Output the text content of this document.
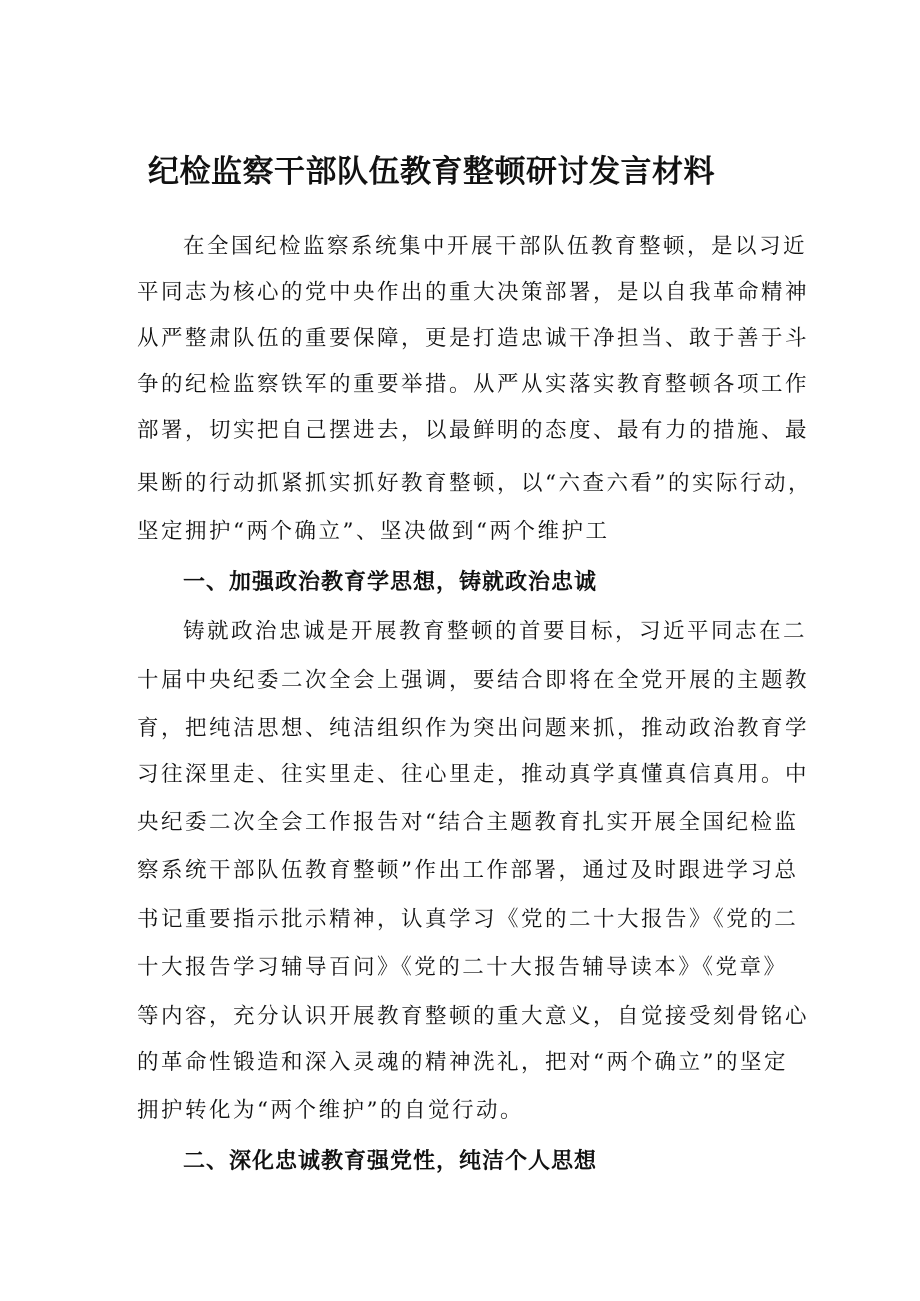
纪检监察干部队伍教育整顿研讨发言材料

在全国纪检监察系统集中开展干部队伍教育整顿，是以习近

平同志为核心的党中央作出的重大决策部署，是以自我革命精神

从严整肃队伍的重要保障，更是打造忠诚干净担当、敢于善于斗

争的纪检监察铁军的重要举措。从严从实落实教育整顿各项工作

部署，切实把自己摆进去，以最鲜明的态度、最有力的措施、最

果断的行动抓紧抓实抓好教育整顿，以“六查六看”的实际行动，

坚定拥护“两个确立”、坚决做到“两个维护工

一、加强政治教育学思想，铸就政治忠诚

铸就政治忠诚是开展教育整顿的首要目标，习近平同志在二

十届中央纪委二次全会上强调，要结合即将在全党开展的主题教

育，把纯洁思想、纯洁组织作为突出问题来抓，推动政治教育学

习往深里走、往实里走、往心里走，推动真学真懂真信真用。中

央纪委二次全会工作报告对“结合主题教育扎实开展全国纪检监

察系统干部队伍教育整顿”作出工作部署，通过及时跟进学习总

书记重要指示批示精神，认真学习《党的二十大报告》《党的二

十大报告学习辅导百问》《党的二十大报告辅导读本》《党章》

等内容，充分认识开展教育整顿的重大意义，自觉接受刻骨铭心

的革命性锻造和深入灵魂的精神洗礼，把对“两个确立”的坚定

拥护转化为“两个维护”的自觉行动。

二、深化忠诚教育强党性，纯洁个人思想
